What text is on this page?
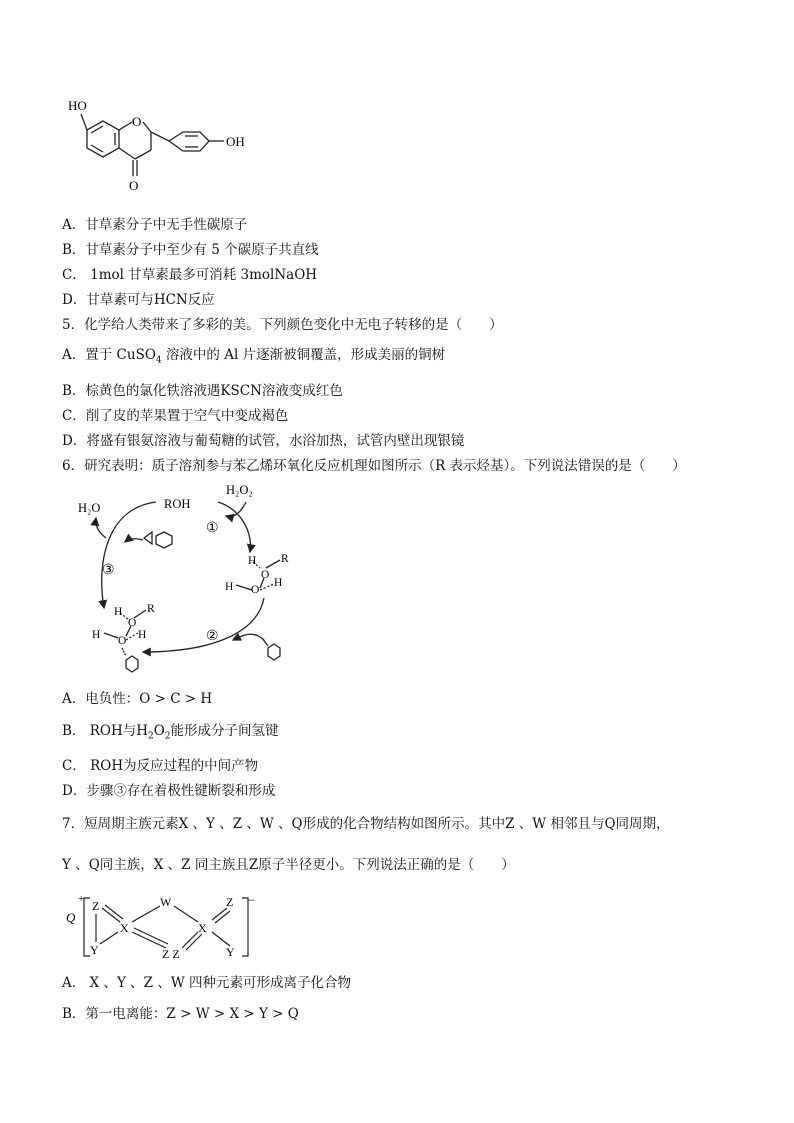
HO
O
OH
O
A．甘草素分子中无手性碳原子
B．甘草素分子中至少有 5 个碳原子共直线
C． 1mol 甘草素最多可消耗 3molNaOH
D．甘草素可与HCN反应
5．化学给人类带来了多彩的美。下列颜色变化中无电子转移的是（　　）
A．置于 CuSO$_4$ 溶液中的 Al 片逐渐被铜覆盖，形成美丽的铜树
B．棕黄色的氯化铁溶液遇KSCN溶液变成红色
C．削了皮的苹果置于空气中变成褐色
D．将盛有银氨溶液与葡萄糖的试管，水浴加热，试管内壁出现银镜
6．研究表明：质子溶剂参与苯乙烯环氧化反应机理如图所示（R 表示烃基）。下列说法错误的是（　　）
ROH
H₂O₂
H₂O
①
②
③
H
O
R
H O
H
H
O
R
H O H
A．电负性：O > C > H
B． ROH与$H_2O_2$能形成分子间氢键
C． ROH为反应过程的中间产物
D．步骤③存在着极性键断裂和形成
7．短周期主族元素X 、Y 、Z 、W 、Q形成的化合物结构如图所示。其中Z 、W 相邻且与Q同周期，
Y 、Q同主族，X 、Z 同主族且Z原子半径更小。下列说法正确的是（　　）
Q
+	−
Z
X
W
X
Z
Y	Z Z	Y
A． X 、Y 、Z 、W 四种元素可形成离子化合物
B．第一电离能：Z > W > X > Y > Q
